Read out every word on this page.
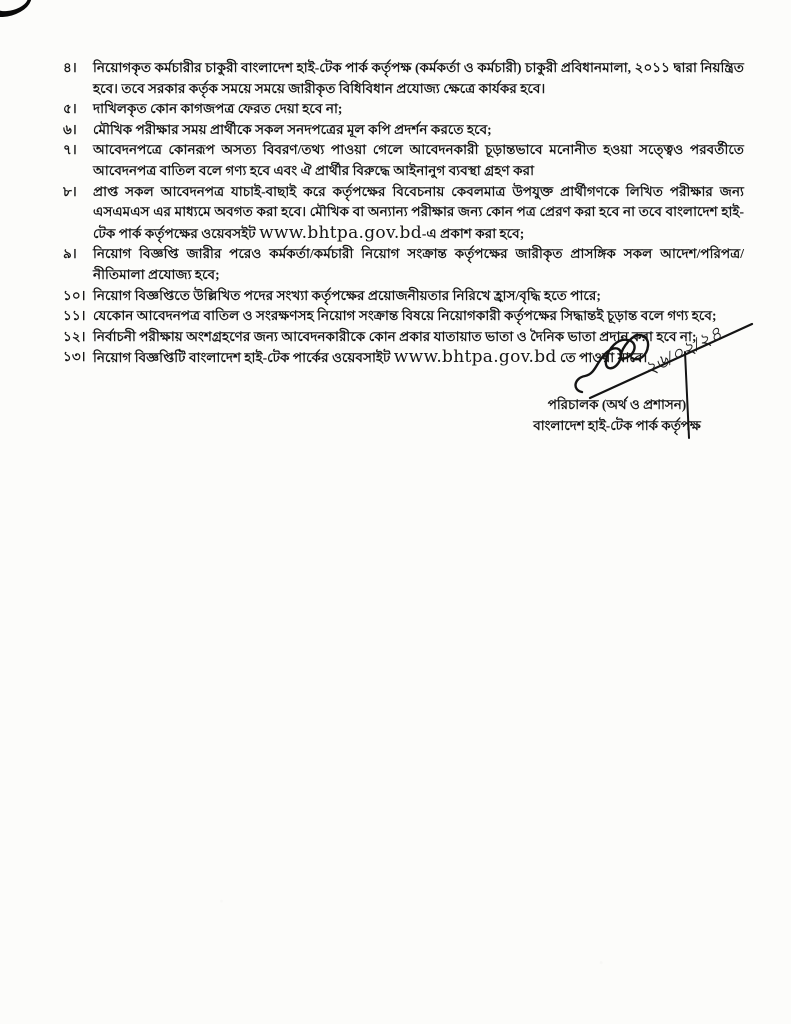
৪।	নিয়োগকৃত কর্মচারীর চাকুরী বাংলাদেশ হাই-টেক পার্ক কর্তৃপক্ষ (কর্মকর্তা ও কর্মচারী) চাকুরী প্রবিধানমালা, ২০১১ দ্বারা নিয়ন্ত্রিত হবে। তবে সরকার কর্তৃক সময়ে সময়ে জারীকৃত বিধিবিধান প্রযোজ্য ক্ষেত্রে কার্যকর হবে।
৫।	দাখিলকৃত কোন কাগজপত্র ফেরত দেয়া হবে না;
৬।	মৌখিক পরীক্ষার সময় প্রার্থীকে সকল সনদপত্রের মূল কপি প্রদর্শন করতে হবে;
৭।	আবেদনপত্রে কোনরূপ অসত্য বিবরণ/তথ্য পাওয়া গেলে আবেদনকারী চূড়ান্তভাবে মনোনীত হওয়া সত্ত্বেও পরবর্তীতে আবেদনপত্র বাতিল বলে গণ্য হবে এবং ঐ প্রার্থীর বিরুদ্ধে আইনানুগ ব্যবস্থা গ্রহণ করা
৮।	প্রাপ্ত সকল আবেদনপত্র যাচাই-বাছাই করে কর্তৃপক্ষের বিবেচনায় কেবলমাত্র উপযুক্ত প্রার্থীগণকে লিখিত পরীক্ষার জন্য এসএমএস এর মাধ্যমে অবগত করা হবে। মৌখিক বা অন্যান্য পরীক্ষার জন্য কোন পত্র প্রেরণ করা হবে না তবে বাংলাদেশ হাই-টেক পার্ক কর্তৃপক্ষের ওয়েবসইট www.bhtpa.gov.bd-এ প্রকাশ করা হবে;
৯।	নিয়োগ বিজ্ঞপ্তি জারীর পরেও কর্মকর্তা/কর্মচারী নিয়োগ সংক্রান্ত কর্তৃপক্ষের জারীকৃত প্রাসঙ্গিক সকল আদেশ/পরিপত্র/নীতিমালা প্রযোজ্য হবে;
১০। নিয়োগ বিজ্ঞপ্তিতে উল্লিখিত পদের সংখ্যা কর্তৃপক্ষের প্রয়োজনীয়তার নিরিখে হ্রাস/বৃদ্ধি হতে পারে;
১১। যেকোন আবেদনপত্র বাতিল ও সংরক্ষণসহ নিয়োগ সংক্রান্ত বিষয়ে নিয়োগকারী কর্তৃপক্ষের সিদ্ধান্তই চূড়ান্ত বলে গণ্য হবে;
১২। নির্বাচনী পরীক্ষায় অংশগ্রহণের জন্য আবেদনকারীকে কোন প্রকার যাতায়াত ভাতা ও দৈনিক ভাতা প্রদান করা হবে না;
১৩। নিয়োগ বিজ্ঞপ্তিটি বাংলাদেশ হাই-টেক পার্কের ওয়েবসাইট www.bhtpa.gov.bd তে পাওয়া যাবে।
২৬/০২/২৪
পরিচালক (অর্থ ও প্রশাসন)
বাংলাদেশ হাই-টেক পার্ক কর্তৃপক্ষ
